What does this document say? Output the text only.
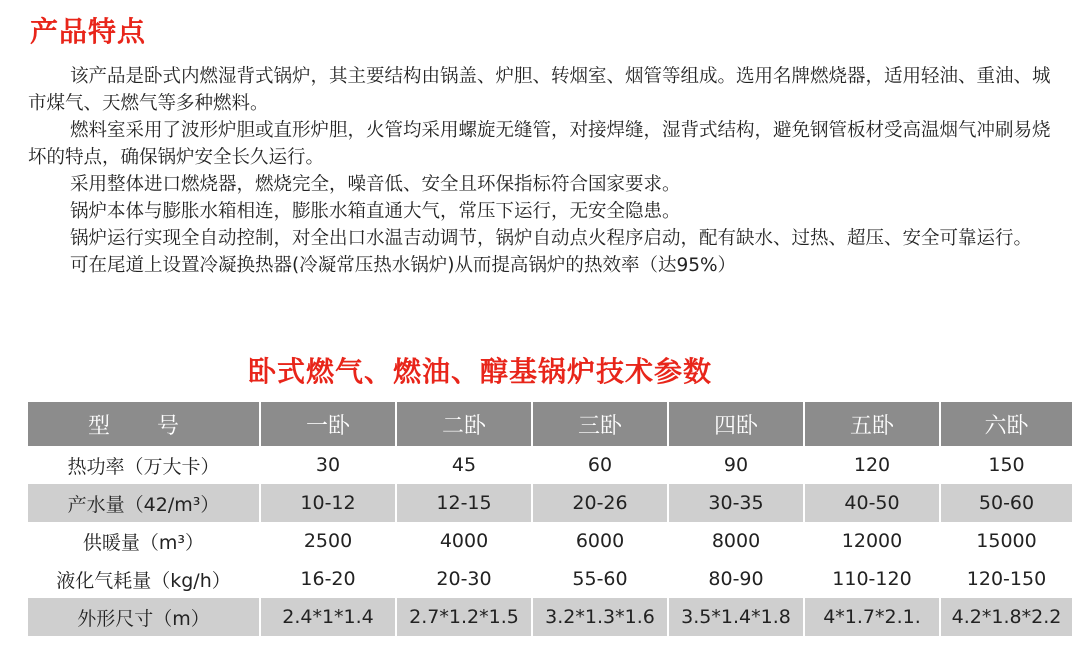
产品特点

该产品是卧式内燃湿背式锅炉，其主要结构由锅盖、炉胆、转烟室、烟管等组成。选用名牌燃烧器，适用轻油、重油、城市煤气、天燃气等多种燃料。

燃料室采用了波形炉胆或直形炉胆，火管均采用螺旋无缝管，对接焊缝，湿背式结构，避免钢管板材受高温烟气冲刷易烧坏的特点，确保锅炉安全长久运行。

采用整体进口燃烧器，燃烧完全，噪音低、安全且环保指标符合国家要求。

锅炉本体与膨胀水箱相连，膨胀水箱直通大气，常压下运行，无安全隐患。

锅炉运行实现全自动控制，对全出口水温吉动调节，锅炉自动点火程序启动，配有缺水、过热、超压、安全可靠运行。

可在尾道上设置冷凝换热器(冷凝常压热水锅炉)从而提高锅炉的热效率（达95%）

卧式燃气、燃油、醇基锅炉技术参数
型 号	一卧	二卧	三卧	四卧	五卧	六卧
热功率（万大卡）	30	45	60	90	120	150
产水量（42/m³）	10-12	12-15	20-26	30-35	40-50	50-60
供暖量（m³）	2500	4000	6000	8000	12000	15000
液化气耗量（kg/h）	16-20	20-30	55-60	80-90	110-120	120-150
外形尺寸（m）	2.4*1*1.4	2.7*1.2*1.5	3.2*1.3*1.6	3.5*1.4*1.8	4*1.7*2.1.	4.2*1.8*2.2
